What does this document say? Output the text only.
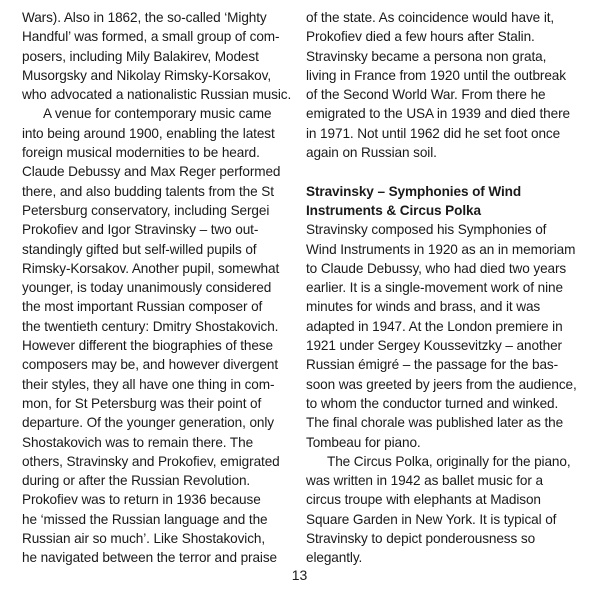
Wars). Also in 1862, the so-called ‘Mighty
Handful’ was formed, a small group of com-
posers, including Mily Balakirev, Modest
Musorgsky and Nikolay Rimsky-Korsakov,
who advocated a nationalistic Russian music.
A venue for contemporary music came
into being around 1900, enabling the latest
foreign musical modernities to be heard.
Claude Debussy and Max Reger performed
there, and also budding talents from the St
Petersburg conservatory, including Sergei
Prokofiev and Igor Stravinsky – two out-
standingly gifted but self-willed pupils of
Rimsky-Korsakov. Another pupil, somewhat
younger, is today unanimously considered
the most important Russian composer of
the twentieth century: Dmitry Shostakovich.
However different the biographies of these
composers may be, and however divergent
their styles, they all have one thing in com-
mon, for St Petersburg was their point of
departure. Of the younger generation, only
Shostakovich was to remain there. The
others, Stravinsky and Prokofiev, emigrated
during or after the Russian Revolution.
Prokofiev was to return in 1936 because
he ‘missed the Russian language and the
Russian air so much’. Like Shostakovich,
he navigated between the terror and praise
of the state. As coincidence would have it,
Prokofiev died a few hours after Stalin.
Stravinsky became a persona non grata,
living in France from 1920 until the outbreak
of the Second World War. From there he
emigrated to the USA in 1939 and died there
in 1971. Not until 1962 did he set foot once
again on Russian soil.
Stravinsky – Symphonies of Wind
Instruments & Circus Polka
Stravinsky composed his Symphonies of
Wind Instruments in 1920 as an in memoriam
to Claude Debussy, who had died two years
earlier. It is a single-movement work of nine
minutes for winds and brass, and it was
adapted in 1947. At the London premiere in
1921 under Sergey Koussevitzky – another
Russian émigré – the passage for the bas-
soon was greeted by jeers from the audience,
to whom the conductor turned and winked.
The final chorale was published later as the
Tombeau for piano.
The Circus Polka, originally for the piano,
was written in 1942 as ballet music for a
circus troupe with elephants at Madison
Square Garden in New York. It is typical of
Stravinsky to depict ponderousness so
elegantly.
13
